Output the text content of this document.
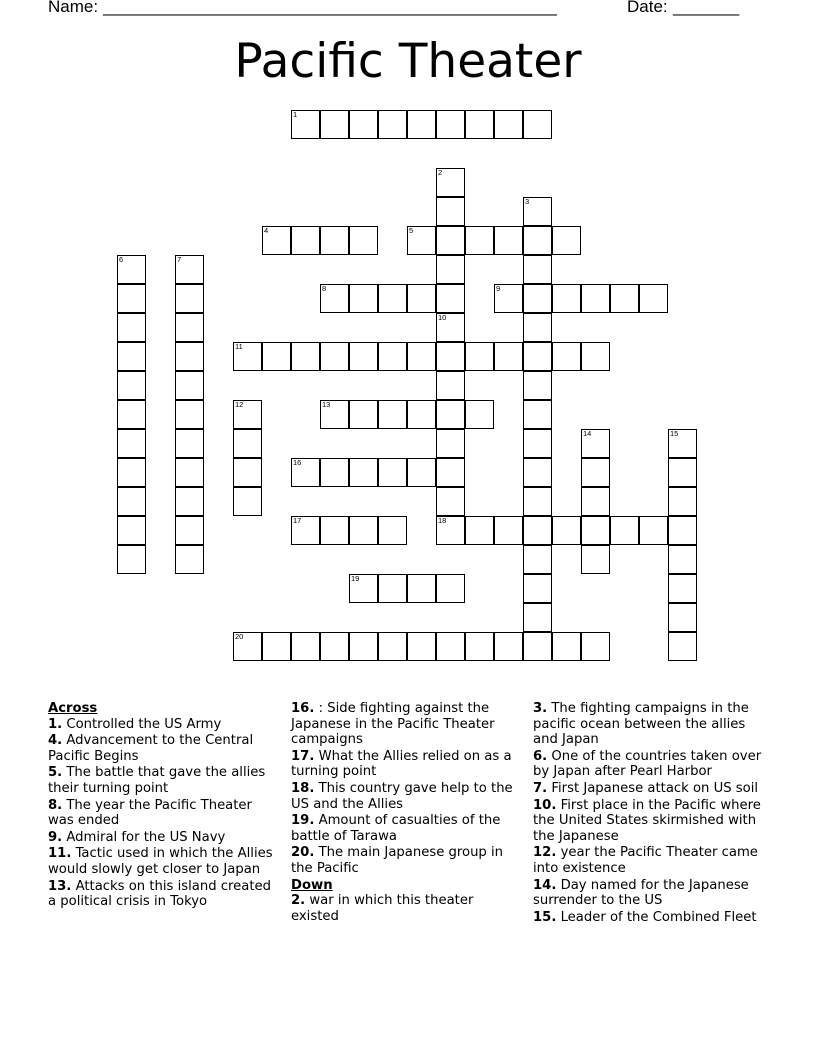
Name: ________________________________________________	Date: _______
Pacific Theater
1
2
10
3
4	5
6	7
8	9
11
12	13
14	15
16
17	18
19
20
Across
1. Controlled the US Army
4. Advancement to the Central Pacific Begins
5. The battle that gave the allies their turning point
8. The year the Pacific Theater was ended
9. Admiral for the US Navy
11. Tactic used in which the Allies would slowly get closer to Japan
13. Attacks on this island created a political crisis in Tokyo
16. : Side fighting against the Japanese in the Pacific Theater campaigns
17. What the Allies relied on as a turning point
18. This country gave help to the US and the Allies
19. Amount of casualties of the battle of Tarawa
20. The main Japanese group in the Pacific
Down
2. war in which this theater existed
3. The fighting campaigns in the pacific ocean between the allies and Japan
6. One of the countries taken over by Japan after Pearl Harbor
7. First Japanese attack on US soil
10. First place in the Pacific where the United States skirmished with the Japanese
12. year the Pacific Theater came into existence
14. Day named for the Japanese surrender to the US
15. Leader of the Combined Fleet
